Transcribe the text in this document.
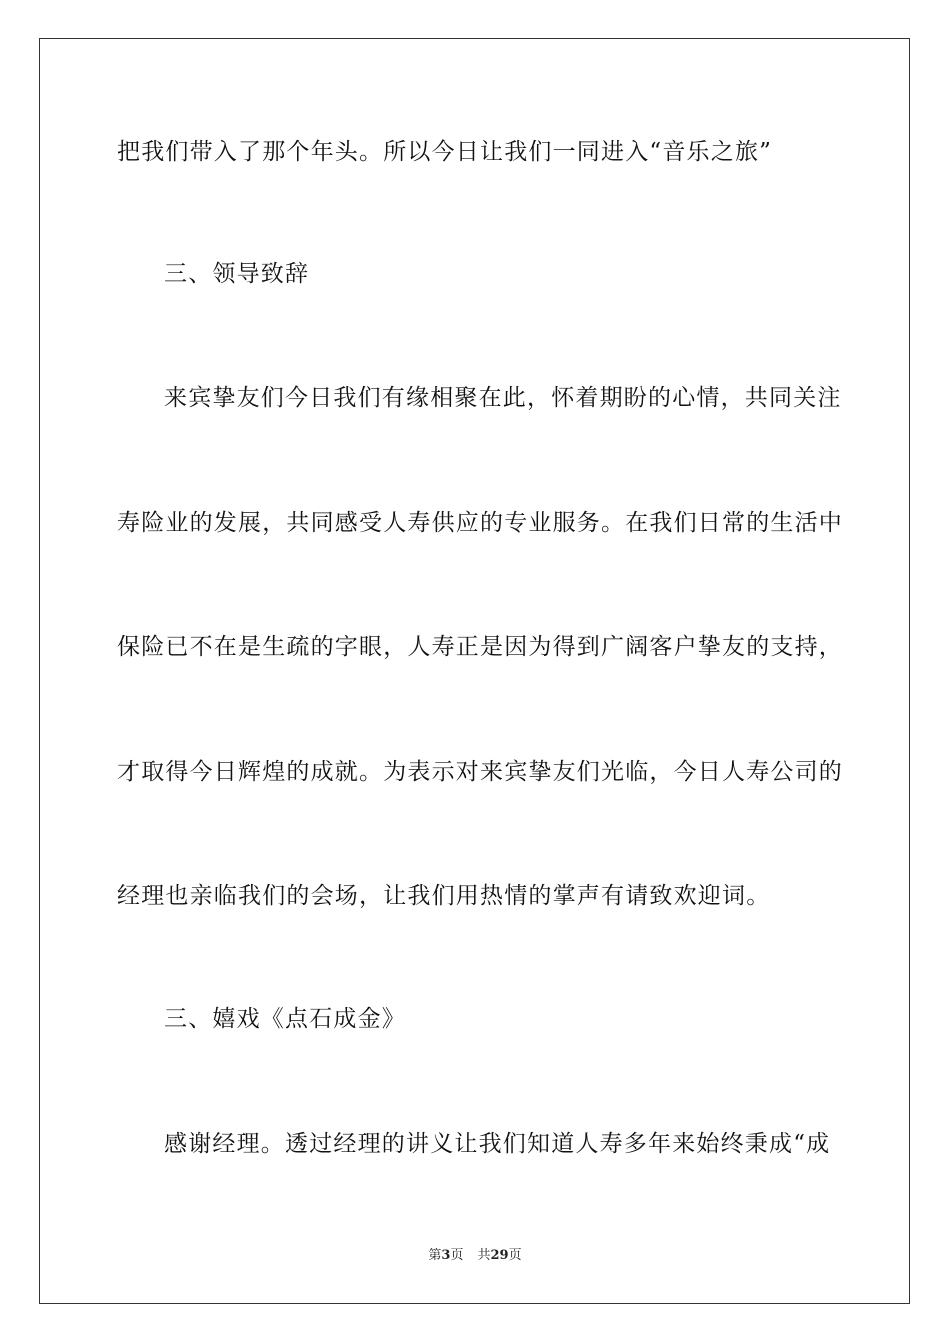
把我们带入了那个年头。所以今日让我们一同进入“音乐之旅”
三、领导致辞
来宾挚友们今日我们有缘相聚在此，怀着期盼的心情，共同关注
寿险业的发展，共同感受人寿供应的专业服务。在我们日常的生活中
保险已不在是生疏的字眼，人寿正是因为得到广阔客户挚友的支持，
才取得今日辉煌的成就。为表示对来宾挚友们光临，今日人寿公司的
经理也亲临我们的会场，让我们用热情的掌声有请致欢迎词。
三、嬉戏《点石成金》
感谢经理。透过经理的讲义让我们知道人寿多年来始终秉成“成
第3页 共29页
